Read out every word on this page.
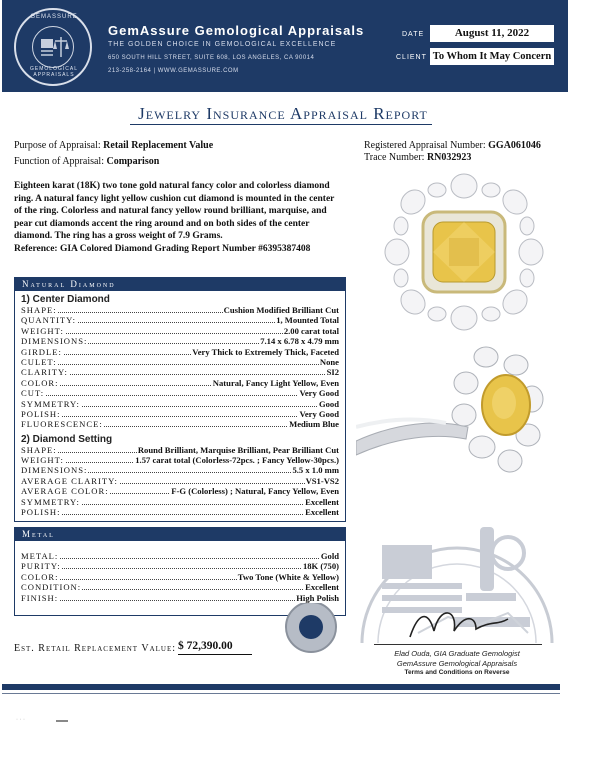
GEMASSURE
GEMOLOGICAL APPRAISALS
GemAssure Gemological Appraisals
THE GOLDEN CHOICE IN GEMOLOGICAL EXCELLENCE
650 SOUTH HILL STREET, SUITE 608, LOS ANGELES, CA 90014
213-258-2164 | WWW.GEMASSURE.COM
DATE	August 11, 2022
CLIENT To Whom It May Concern
Jewelry Insurance Appraisal Report
Purpose of Appraisal: Retail Replacement Value
Function of Appraisal: Comparison
Registered Appraisal Number: GGA061046
Trace Number: RN032923
Eighteen karat (18K) two tone gold natural fancy color and colorless diamond ring. A natural fancy light yellow cushion cut diamond is mounted in the center of the ring. Colorless and natural fancy yellow round brilliant, marquise, and pear cut diamonds accent the ring around and on both sides of the center diamond. The ring has a gross weight of 7.9 Grams.
Reference: GIA Colored Diamond Grading Report Number #6395387408
Natural Diamond
1) Center Diamond
SHAPE:	Cushion Modified Brilliant Cut
QUANTITY:	1, Mounted Total
WEIGHT:	2.00 carat total
DIMENSIONS:	7.14 x 6.78 x 4.79 mm
GIRDLE:	Very Thick to Extremely Thick, Faceted
CULET:	None
CLARITY:	SI2
COLOR:	Natural, Fancy Light Yellow, Even
CUT:	Very Good
SYMMETRY:	Good
POLISH:	Very Good
FLUORESCENCE:	Medium Blue
2) Diamond Setting
SHAPE:	Round Brilliant, Marquise Brilliant, Pear Brilliant Cut
WEIGHT:	1.57 carat total (Colorless-72pcs. ; Fancy Yellow-30pcs.)
DIMENSIONS:	5.5 x 1.0 mm
AVERAGE CLARITY:	VS1-VS2
AVERAGE COLOR:	F-G (Colorless) ; Natural, Fancy Yellow, Even
SYMMETRY:	Excellent
POLISH:	Excellent
Metal
METAL:	Gold
PURITY:	18K (750)
COLOR:	Two Tone (White & Yellow)
CONDITION:	Excellent
FINISH:	High Polish
Est. Retail Replacement Value: $ 72,390.00
Elad Ouda, GIA Graduate Gemologist
GemAssure Gemological Appraisals
Terms and Conditions on Reverse
· · ·
